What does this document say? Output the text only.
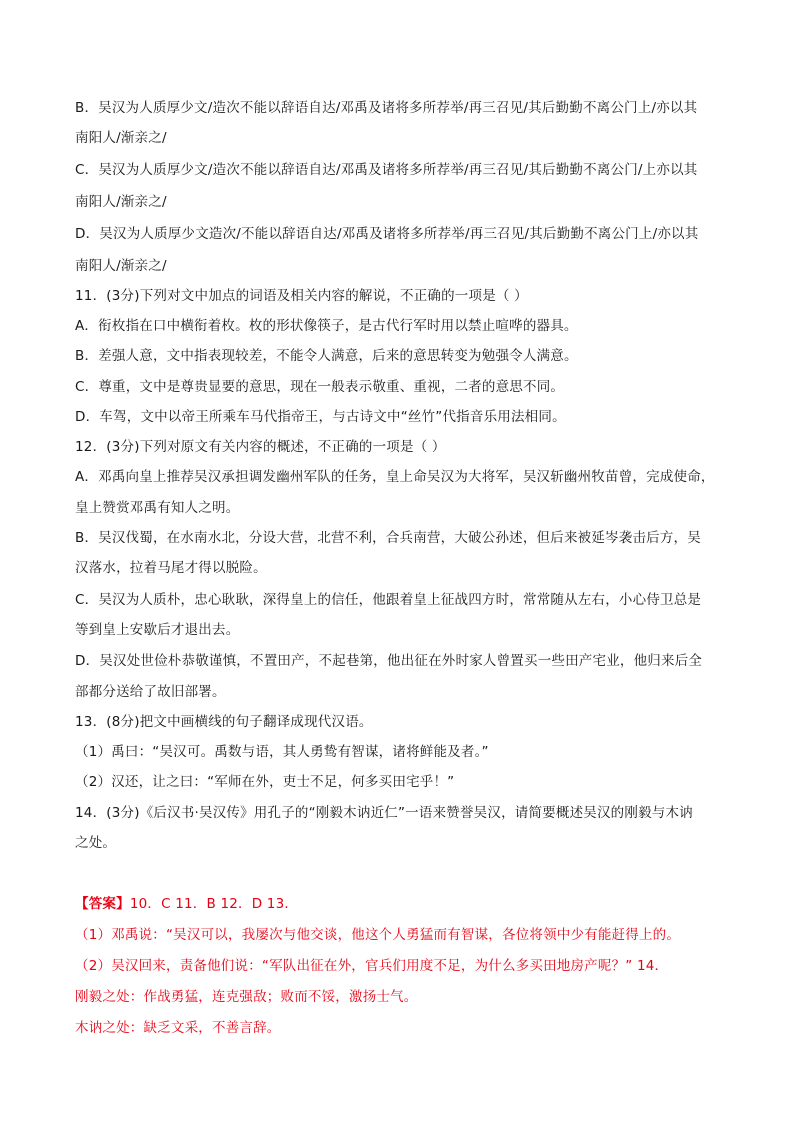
B．吴汉为人质厚少文/造次不能以辞语自达/邓禹及诸将多所荐举/再三召见/其后勤勤不离公门上/亦以其
南阳人/渐亲之/
C．吴汉为人质厚少文/造次不能以辞语自达/邓禹及诸将多所荐举/再三召见/其后勤勤不离公门/上亦以其
南阳人/渐亲之/
D．吴汉为人质厚少文造次/不能以辞语自达/邓禹及诸将多所荐举/再三召见/其后勤勤不离公门上/亦以其
南阳人/渐亲之/
11．(3分)下列对文中加点的词语及相关内容的解说，不正确的一项是（ ）
A．衔枚指在口中横衔着枚。枚的形状像筷子，是古代行军时用以禁止喧哗的器具。
B．差强人意，文中指表现较差，不能令人满意，后来的意思转变为勉强令人满意。
C．尊重，文中是尊贵显要的意思，现在一般表示敬重、重视，二者的意思不同。
D．车驾，文中以帝王所乘车马代指帝王，与古诗文中“丝竹”代指音乐用法相同。
12．(3分)下列对原文有关内容的概述，不正确的一项是（ ）
A．邓禹向皇上推荐吴汉承担调发幽州军队的任务，皇上命吴汉为大将军，吴汉斩幽州牧苗曾，完成使命，
皇上赞赏邓禹有知人之明。
B．吴汉伐蜀，在水南水北，分设大营，北营不利，合兵南营，大破公孙述，但后来被延岑袭击后方，吴
汉落水，拉着马尾才得以脱险。
C．吴汉为人质朴，忠心耿耿，深得皇上的信任，他跟着皇上征战四方时，常常随从左右，小心侍卫总是
等到皇上安歇后才退出去。
D．吴汉处世俭朴恭敬谨慎，不置田产，不起巷第，他出征在外时家人曾置买一些田产宅业，他归来后全
部都分送给了故旧部署。
13．(8分)把文中画横线的句子翻译成现代汉语。
（1）禹曰：“吴汉可。禹数与语，其人勇鸷有智谋，诸将鲜能及者。”
（2）汉还，让之曰：“军师在外，吏士不足，何多买田宅乎！”
14．(3分)《后汉书·吴汉传》用孔子的“刚毅木讷近仁”一语来赞誉吴汉，请简要概述吴汉的刚毅与木讷
之处。
【答案】10．C 11．B 12．D 13．
（1）邓禹说：“吴汉可以，我屡次与他交谈，他这个人勇猛而有智谋，各位将领中少有能赶得上的。
（2）吴汉回来，责备他们说：“军队出征在外，官兵们用度不足，为什么多买田地房产呢？” 14．
刚毅之处：作战勇猛，连克强敌；败而不馁，激扬士气。
木讷之处：缺乏文采，不善言辞。
